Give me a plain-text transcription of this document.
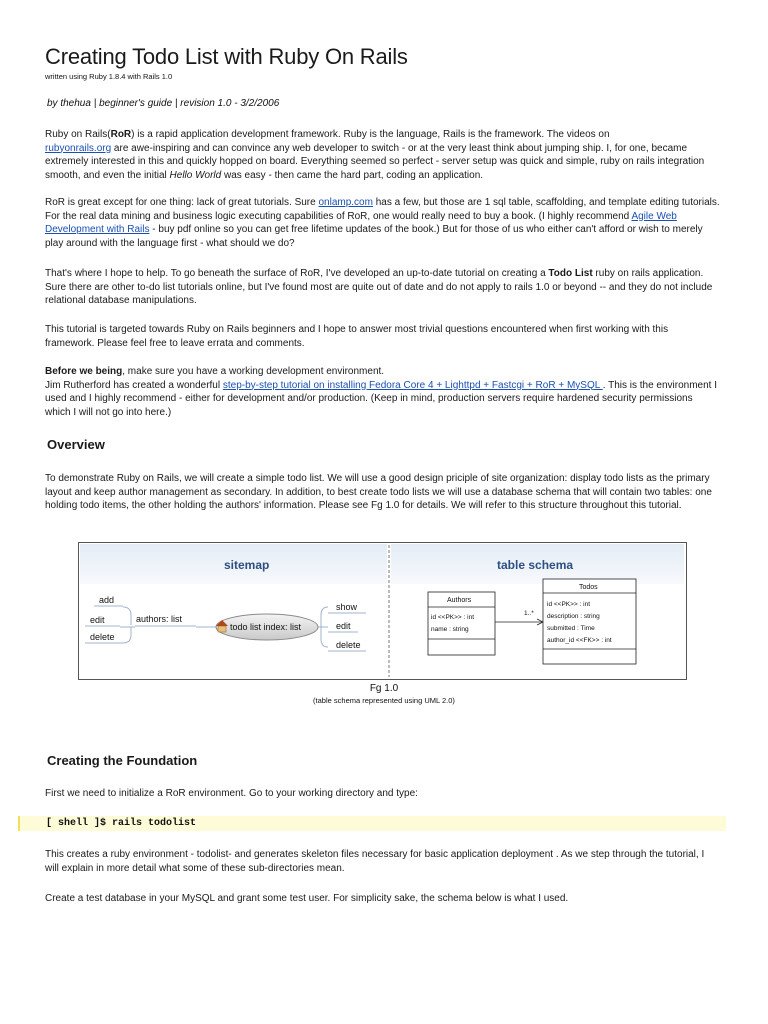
Creating Todo List with Ruby On Rails
written using Ruby 1.8.4 with Rails 1.0
by thehua | beginner's guide | revision 1.0 - 3/2/2006
Ruby on Rails(RoR) is a rapid application development framework. Ruby is the language, Rails is the framework. The videos on
rubyonrails.org are awe-inspiring and can convince any web developer to switch - or at the very least think about jumping ship. I, for one, became extremely interested in this and quickly hopped on board. Everything seemed so perfect - server setup was quick and simple, ruby on rails integration smooth, and even the initial Hello World was easy - then came the hard part, coding an application.
RoR is great except for one thing: lack of great tutorials. Sure onlamp.com has a few, but those are 1 sql table, scaffolding, and template editing tutorials. For the real data mining and business logic executing capabilities of RoR, one would really need to buy a book. (I highly recommend Agile Web Development with Rails - buy pdf online so you can get free lifetime updates of the book.) But for those of us who either can't afford or wish to merely play around with the language first - what should we do?
That's where I hope to help. To go beneath the surface of RoR, I've developed an up-to-date tutorial on creating a Todo List ruby on rails application. Sure there are other to-do list tutorials online, but I've found most are quite out of date and do not apply to rails 1.0 or beyond -- and they do not include relational database manipulations.
This tutorial is targeted towards Ruby on Rails beginners and I hope to answer most trivial questions encountered when first working with this framework. Please feel free to leave errata and comments.
Before we being, make sure you have a working development environment.
Jim Rutherford has created a wonderful step-by-step tutorial on installing Fedora Core 4 + Lighttpd + Fastcgi + RoR + MySQL . This is the environment I used and I highly recommend - either for development and/or production. (Keep in mind, production servers require hardened security permissions which I will not go into here.)
Overview
To demonstrate Ruby on Rails, we will create a simple todo list. We will use a good design priciple of site organization: display todo lists as the primary layout and keep author management as secondary. In addition, to best create todo lists we will use a database schema that will contain two tables: one holding todo items, the other holding the authors' information. Please see Fg 1.0 for details. We will refer to this structure throughout this tutorial.
sitemap	table schema
add
edit
delete
authors: list
todo list index: list
show
edit
delete
Authors
id <<PK>> : int
name : string
1..*
Todos
id <<PK>> : int
description : string
submitted : Time
author_id <<FK>> : int
Fg 1.0
(table schema represented using UML 2.0)
Creating the Foundation
First we need to initialize a RoR environment. Go to your working directory and type:
[ shell ]$ rails todolist
This creates a ruby environment - todolist- and generates skeleton files necessary for basic application deployment . As we step through the tutorial, I will explain in more detail what some of these sub-directories mean.
Create a test database in your MySQL and grant some test user. For simplicity sake, the schema below is what I used.
